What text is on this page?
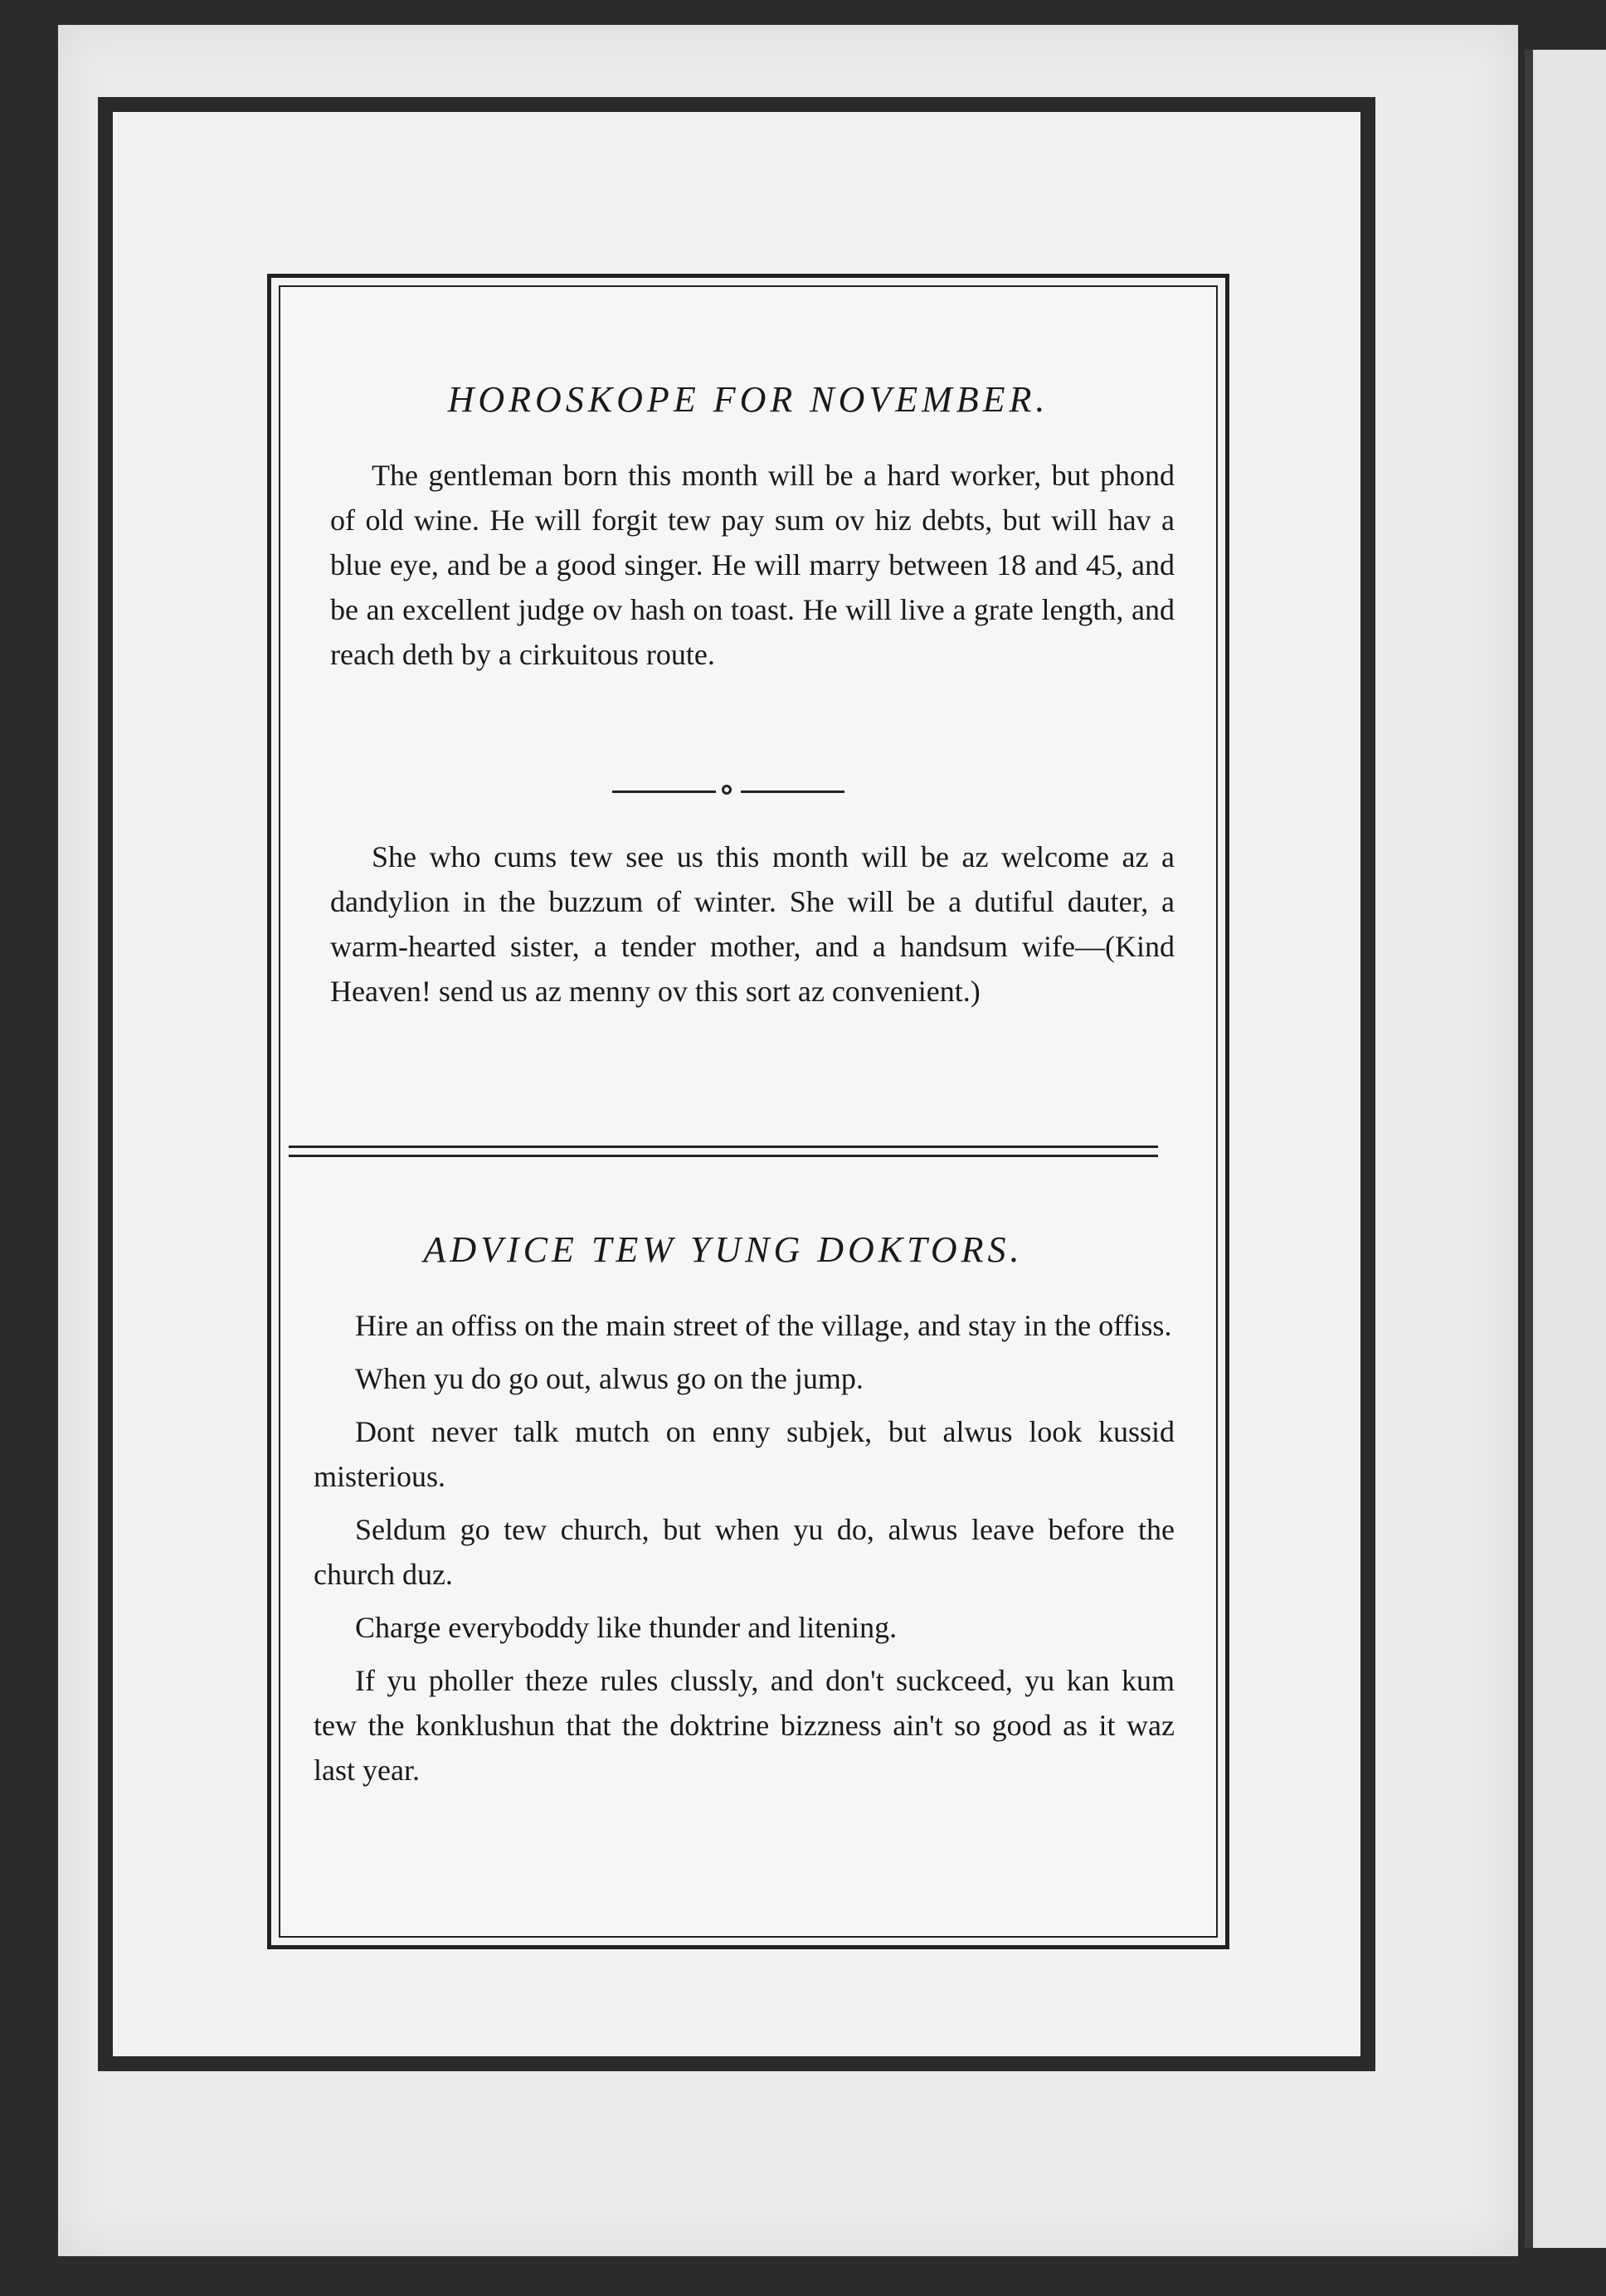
HOROSKOPE FOR NOVEMBER.

The gentleman born this month will be a hard worker, but phond of old wine. He will forgit tew pay sum ov hiz debts, but will hav a blue eye, and be a good singer. He will marry between 18 and 45, and be an excellent judge ov hash on toast. He will live a grate length, and reach deth by a cirkuitous route.

She who cums tew see us this month will be az welcome az a dandylion in the buzzum of winter. She will be a dutiful dauter, a warm-hearted sister, a tender mother, and a handsum wife—(Kind Heaven! send us az menny ov this sort az convenient.)

ADVICE TEW YUNG DOKTORS.
Hire an offiss on the main street of the village, and stay in the offiss.
When yu do go out, alwus go on the jump.
Dont never talk mutch on enny subjek, but alwus look kussid misterious.
Seldum go tew church, but when yu do, alwus leave before the church duz.
Charge everyboddy like thunder and litening.
If yu pholler theze rules clussly, and don't suckceed, yu kan kum tew the konklushun that the doktrine bizzness ain't so good as it waz last year.
